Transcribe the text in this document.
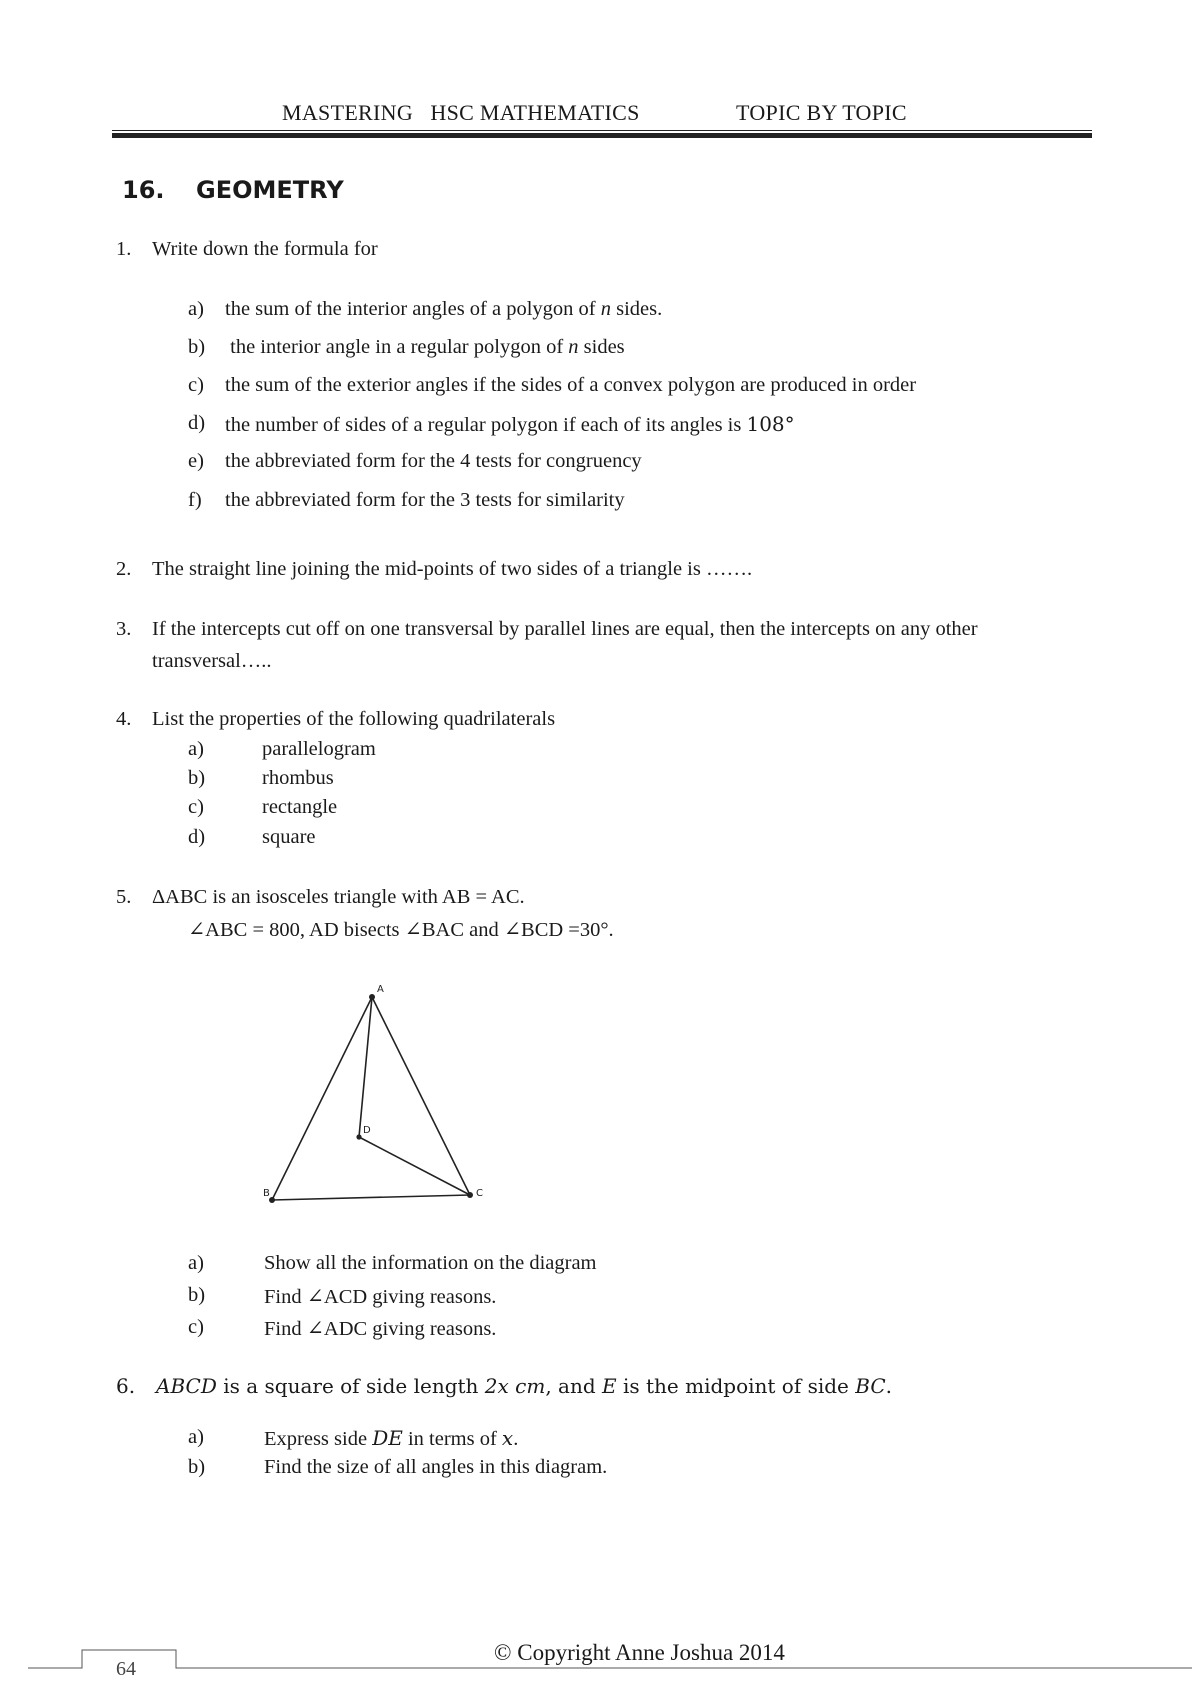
MASTERING   HSC MATHEMATICS	TOPIC BY TOPIC
16. GEOMETRY
1. Write down the formula for
a) the sum of the interior angles of a polygon of n sides.
b) the interior angle in a regular polygon of n sides
c) the sum of the exterior angles if the sides of a convex polygon are produced in order
d) the number of sides of a regular polygon if each of its angles is 108°
e) the abbreviated form for the 4 tests for congruency
f) the abbreviated form for the 3 tests for similarity
2. The straight line joining the mid-points of two sides of a triangle is …….
3. If the intercepts cut off on one transversal by parallel lines are equal, then the intercepts on any other
transversal…..
4. List the properties of the following quadrilaterals
a)	parallelogram
b)	rhombus
c)	rectangle
d)	square
5. ΔABC is an isosceles triangle with AB = AC.
∠ABC = 800, AD bisects ∠BAC and ∠BCD =30°.
A
B	C
D
a)	Show all the information on the diagram
b)	Find ∠ACD giving reasons.
c)	Find ∠ADC giving reasons.
6. ABCD is a square of side length 2x cm, and E is the midpoint of side BC.
a)	Express side DE in terms of x.
b)	Find the size of all angles in this diagram.
© Copyright Anne Joshua 2014
64
